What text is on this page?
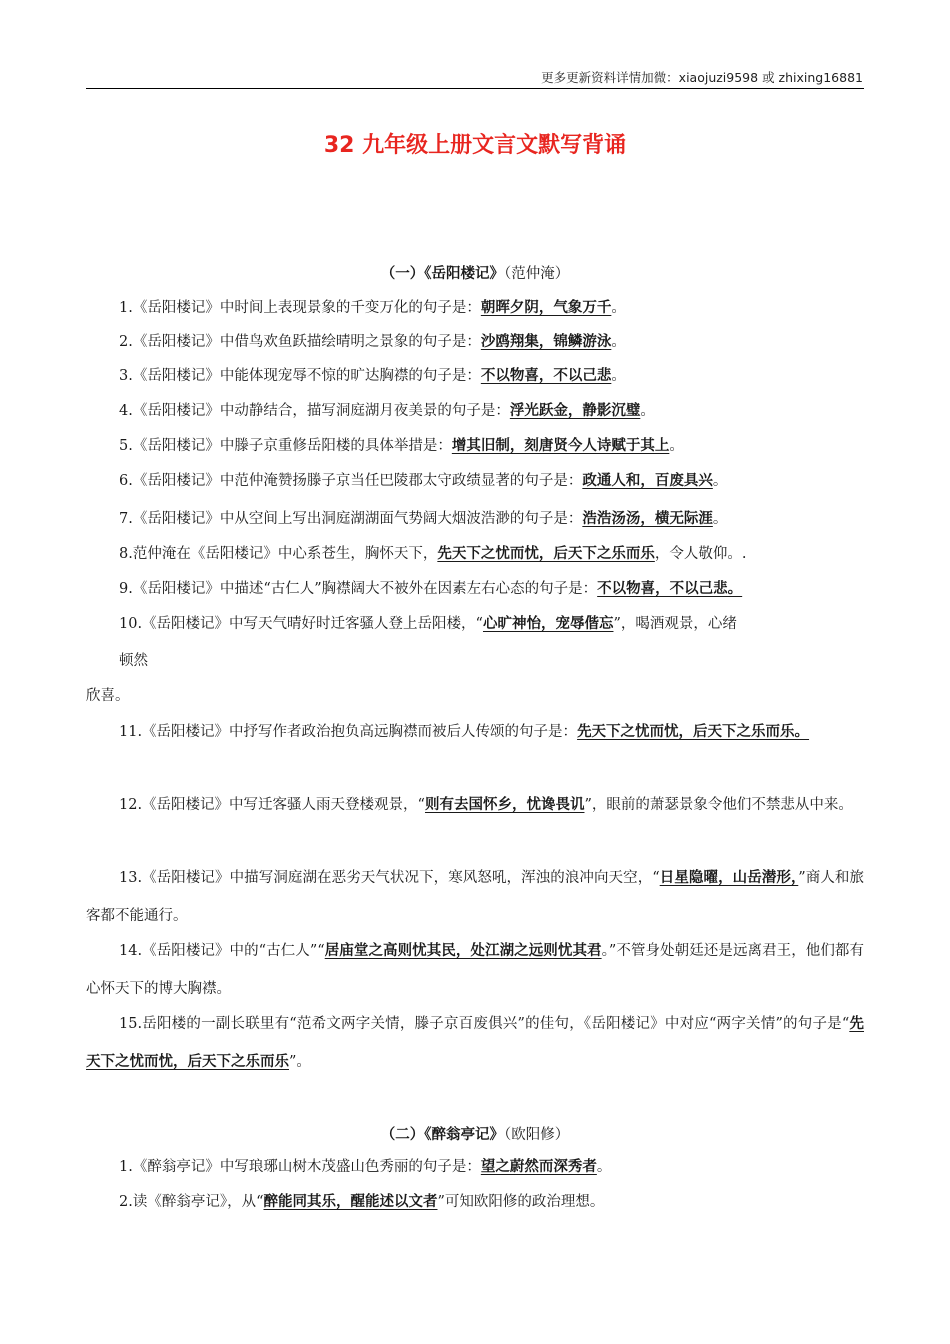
更多更新资料详情加微：xiaojuzi9598 或 zhixing16881
32 九年级上册文言文默写背诵
（一）《岳阳楼记》（范仲淹）
1.《岳阳楼记》中时间上表现景象的千变万化的句子是：朝晖夕阴，气象万千。
2.《岳阳楼记》中借鸟欢鱼跃描绘晴明之景象的句子是：沙鸥翔集，锦鳞游泳。
3.《岳阳楼记》中能体现宠辱不惊的旷达胸襟的句子是：不以物喜，不以己悲。
4.《岳阳楼记》中动静结合，描写洞庭湖月夜美景的句子是：浮光跃金，静影沉璧。
5.《岳阳楼记》中滕子京重修岳阳楼的具体举措是：增其旧制，刻唐贤今人诗赋于其上。
6.《岳阳楼记》中范仲淹赞扬滕子京当任巴陵郡太守政绩显著的句子是：政通人和，百废具兴。
7.《岳阳楼记》中从空间上写出洞庭湖湖面气势阔大烟波浩渺的句子是：浩浩汤汤，横无际涯。
8.范仲淹在《岳阳楼记》中心系苍生，胸怀天下，先天下之忧而忧，后天下之乐而乐，令人敬仰。.
9.《岳阳楼记》中描述“古仁人”胸襟阔大不被外在因素左右心态的句子是：不以物喜，不以己悲。
10.《岳阳楼记》中写天气晴好时迁客骚人登上岳阳楼，“心旷神怡，宠辱偕忘”，喝酒观景，心绪
顿然
欣喜。
11.《岳阳楼记》中抒写作者政治抱负高远胸襟而被后人传颂的句子是：先天下之忧而忧，后天下之乐而乐。
12.《岳阳楼记》中写迁客骚人雨天登楼观景，“则有去国怀乡，忧谗畏讥”，眼前的萧瑟景象令他们不禁悲从中来。
13.《岳阳楼记》中描写洞庭湖在恶劣天气状况下，寒风怒吼，浑浊的浪冲向天空，“日星隐曜，山岳潜形，”商人和旅客都不能通行。
14.《岳阳楼记》中的“古仁人”“居庙堂之高则忧其民，处江湖之远则忧其君。”不管身处朝廷还是远离君王，他们都有心怀天下的博大胸襟。
15.岳阳楼的一副长联里有“范希文两字关情，滕子京百废俱兴”的佳句，《岳阳楼记》中对应“两字关情”的句子是“先天下之忧而忧，后天下之乐而乐”。
（二）《醉翁亭记》（欧阳修）
1.《醉翁亭记》中写琅琊山树木茂盛山色秀丽的句子是：望之蔚然而深秀者。
2.读《醉翁亭记》，从“醉能同其乐，醒能述以文者”可知欧阳修的政治理想。
